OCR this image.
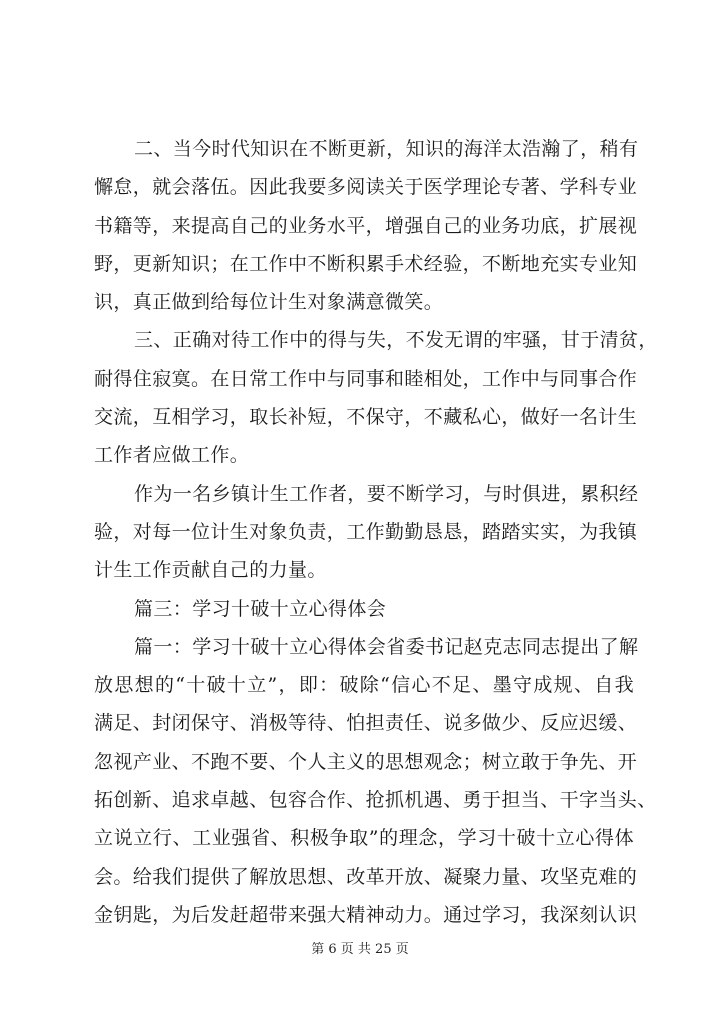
二、当今时代知识在不断更新，知识的海洋太浩瀚了，稍有
懈怠，就会落伍。因此我要多阅读关于医学理论专著、学科专业
书籍等，来提高自己的业务水平，增强自己的业务功底，扩展视
野，更新知识；在工作中不断积累手术经验，不断地充实专业知
识，真正做到给每位计生对象满意微笑。
三、正确对待工作中的得与失，不发无谓的牢骚，甘于清贫，
耐得住寂寞。在日常工作中与同事和睦相处，工作中与同事合作
交流，互相学习，取长补短，不保守，不藏私心，做好一名计生
工作者应做工作。
作为一名乡镇计生工作者，要不断学习，与时俱进，累积经
验，对每一位计生对象负责，工作勤勤恳恳，踏踏实实，为我镇
计生工作贡献自己的力量。
篇三：学习十破十立心得体会
篇一：学习十破十立心得体会省委书记赵克志同志提出了解
放思想的“十破十立”，即：破除“信心不足、墨守成规、自我
满足、封闭保守、消极等待、怕担责任、说多做少、反应迟缓、
忽视产业、不跑不要、个人主义的思想观念；树立敢于争先、开
拓创新、追求卓越、包容合作、抢抓机遇、勇于担当、干字当头、
立说立行、工业强省、积极争取”的理念，学习十破十立心得体
会。给我们提供了解放思想、改革开放、凝聚力量、攻坚克难的
金钥匙，为后发赶超带来强大精神动力。通过学习，我深刻认识
第 6 页 共 25 页
